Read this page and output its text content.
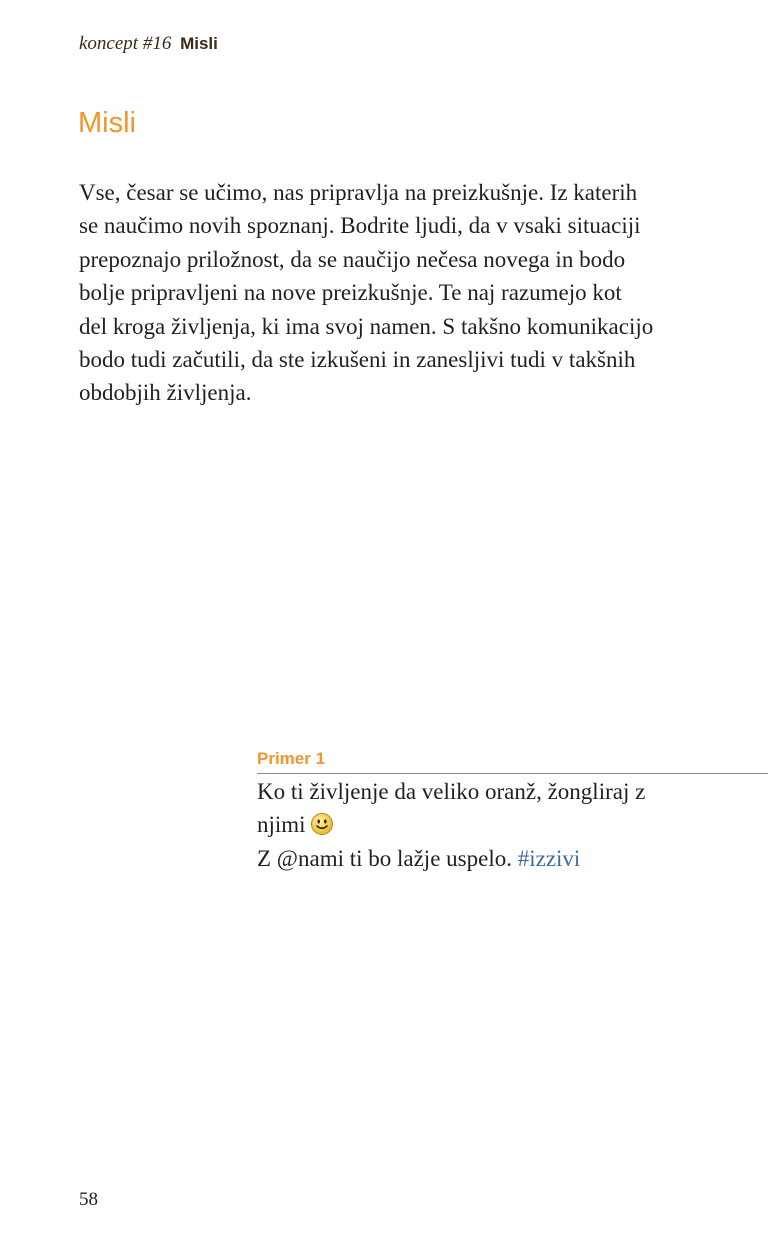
koncept #16 Misli
Misli

Vse, česar se učimo, nas pripravlja na preizkušnje. Iz katerih
se naučimo novih spoznanj. Bodrite ljudi, da v vsaki situaciji
prepoznajo priložnost, da se naučijo nečesa novega in bodo
bolje pripravljeni na nove preizkušnje. Te naj razumejo kot
del kroga življenja, ki ima svoj namen. S takšno komunikacijo
bodo tudi začutili, da ste izkušeni in zanesljivi tudi v takšnih
obdobjih življenja.

Primer 1

Ko ti življenje da veliko oranž, žongliraj z
njimi
Z @nami ti bo lažje uspelo. #izzivi

58
